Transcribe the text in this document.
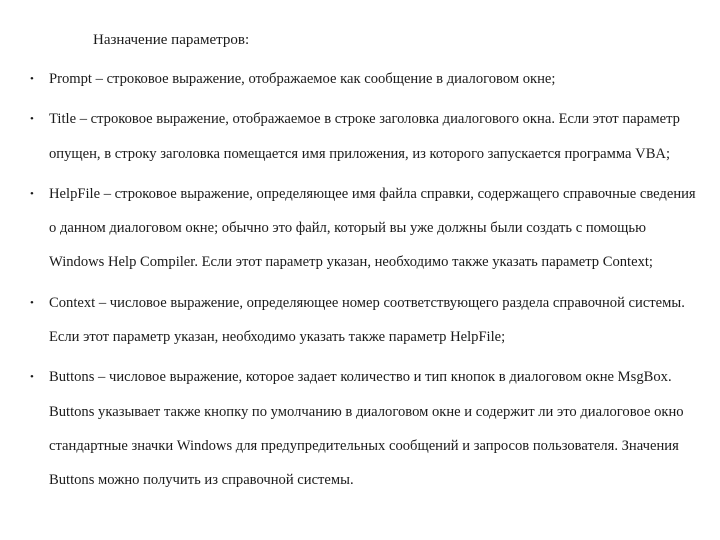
Назначение параметров:
• Prompt – строковое выражение, отображаемое как сообщение в диалоговом окне;
• Title – строковое выражение, отображаемое в строке заголовка диалогового окна. Если этот параметр опущен, в строку заголовка помещается имя приложения, из которого запускается программа VBA;
• HelpFile – строковое выражение, определяющее имя файла справки, содержащего справочные сведения о данном диалоговом окне; обычно это файл, который вы уже должны были создать с помощью Windows Help Compiler. Если этот параметр указан, необходимо также указать параметр Context;
• Context – числовое выражение, определяющее номер соответствующего раздела справочной системы. Если этот параметр указан, необходимо указать также параметр HelpFile;
• Buttons – числовое выражение, которое задает количество и тип кнопок в диалоговом окне MsgBox. Buttons указывает также кнопку по умолчанию в диалоговом окне и содержит ли это диалоговое окно стандартные значки Windows для предупредительных сообщений и запросов пользователя. Значения Buttons можно получить из справочной системы.
